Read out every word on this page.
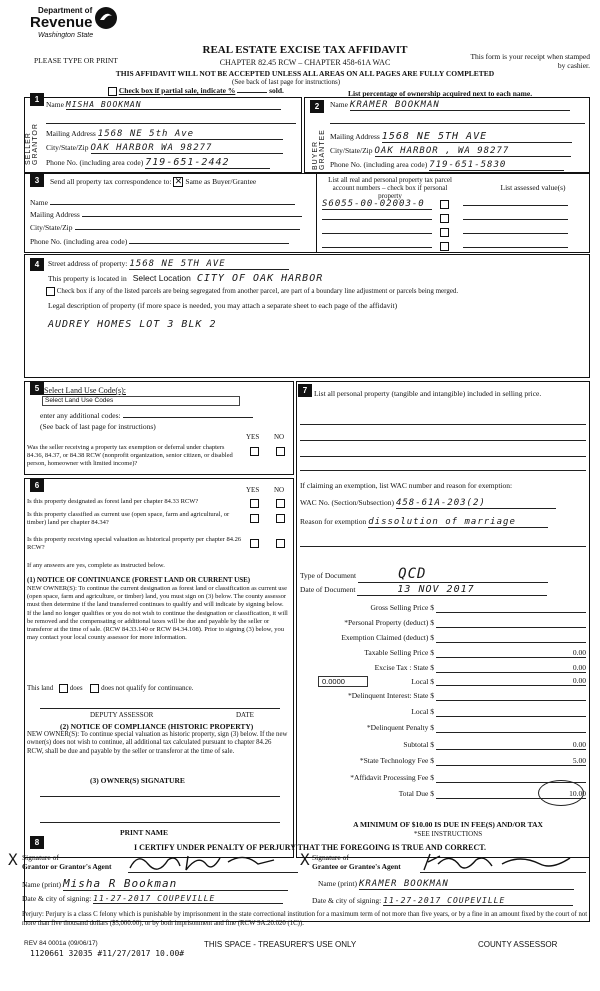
Department of
Revenue
Washington State
PLEASE TYPE OR PRINT
REAL ESTATE EXCISE TAX AFFIDAVIT
CHAPTER 82.45 RCW – CHAPTER 458-61A WAC
This form is your receipt when stamped by cashier.
THIS AFFIDAVIT WILL NOT BE ACCEPTED UNLESS ALL AREAS ON ALL PAGES ARE FULLY COMPLETED
(See back of last page for instructions)
Check box if partial sale, indicate %	sold.	List percentage of ownership acquired next to each name.
1
SELLER GRANTOR
Name MISHA BOOKMAN
Mailing Address 1568 NE 5th Ave
City/State/Zip OAK HARBOR WA 98277
Phone No. (including area code) 719-651-2442
2
BUYER GRANTEE
Name KRAMER BOOKMAN
Mailing Address 1568 NE 5TH AVE
City/State/Zip OAK HARBOR , WA 98277
Phone No. (including area code) 719-651-5830
3	Send all property tax correspondence to: ✕ Same as Buyer/Grantee
Name
Mailing Address
City/State/Zip
Phone No. (including area code)
List all real and personal property tax parcel account numbers – check box if personal property
List assessed value(s)
S6055-00-02003-0

4	Street address of property: 1568 NE 5TH AVE
This property is located in Select Location CITY OF OAK HARBOR
Check box if any of the listed parcels are being segregated from another parcel, are part of a boundary line adjustment or parcels being merged.
Legal description of property (if more space is needed, you may attach a separate sheet to each page of the affidavit)
AUDREY HOMES LOT 3 BLK 2
5 Select Land Use Code(s):
Select Land Use Codes
enter any additional codes:
(See back of last page for instructions)
YES NO
Was the seller receiving a property tax exemption or deferral under chapters 84.36, 84.37, or 84.38 RCW (nonprofit organization, senior citizen, or disabled person, homeowner with limited income)?
6	YES NO
Is this property designated as forest land per chapter 84.33 RCW?
Is this property classified as current use (open space, farm and agricultural, or timber) land per chapter 84.34?
Is this property receiving special valuation as historical property per chapter 84.26 RCW?
If any answers are yes, complete as instructed below.
(1) NOTICE OF CONTINUANCE (FOREST LAND OR CURRENT USE)
NEW OWNER(S): To continue the current designation as forest land or classification as current use (open space, farm and agriculture, or timber) land, you must sign on (3) below. The county assessor must then determine if the land transferred continues to qualify and will indicate by signing below. If the land no longer qualifies or you do not wish to continue the designation or classification, it will be removed and the compensating or additional taxes will be due and payable by the seller or transferor at the time of sale. (RCW 84.33.140 or RCW 84.34.108). Prior to signing (3) below, you may contact your local county assessor for more information.
This land does	does not qualify for continuance.
DEPUTY ASSESSOR	DATE
(2) NOTICE OF COMPLIANCE (HISTORIC PROPERTY)
NEW OWNER(S): To continue special valuation as historic property, sign (3) below. If the new owner(s) does not wish to continue, all additional tax calculated pursuant to chapter 84.26 RCW, shall be due and payable by the seller or transferor at the time of sale.
(3) OWNER(S) SIGNATURE
PRINT NAME
7 List all personal property (tangible and intangible) included in selling price.
If claiming an exemption, list WAC number and reason for exemption:
WAC No. (Section/Subsection) 458-61A-203(2)
Reason for exemption dissolution of marriage
Type of Document	QCD
Date of Document	13 NOV 2017
Gross Selling Price $
*Personal Property (deduct) $
Exemption Claimed (deduct) $
Taxable Selling Price $	0.00
Excise Tax : State $	0.00
0.0000	Local $	0.00
*Delinquent Interest: State $
Local $
*Delinquent Penalty $
Subtotal $	0.00
*State Technology Fee $	5.00
*Affidavit Processing Fee $
Total Due $	10.00
A MINIMUM OF $10.00 IS DUE IN FEE(S) AND/OR TAX
*SEE INSTRUCTIONS
8
I CERTIFY UNDER PENALTY OF PERJURY THAT THE FOREGOING IS TRUE AND CORRECT.
X Signature of
Grantor or Grantor's Agent
Name (print) Misha R Bookman
Date & city of signing: 11-27-2017 COUPEVILLE
X Signature of
Grantee or Grantee's Agent
Name (print) KRAMER BOOKMAN
Date & city of signing: 11-27-2017 COUPEVILLE
Perjury: Perjury is a class C felony which is punishable by imprisonment in the state correctional institution for a maximum term of not more than five years, or by a fine in an amount fixed by the court of not more than five thousand dollars ($5,000.00), or by both imprisonment and fine (RCW 9A.20.020 (1C)).
REV 84 0001a (09/06/17)
1120661 32035 #11/27/2017 10.00#
THIS SPACE - TREASURER'S USE ONLY	COUNTY ASSESSOR
